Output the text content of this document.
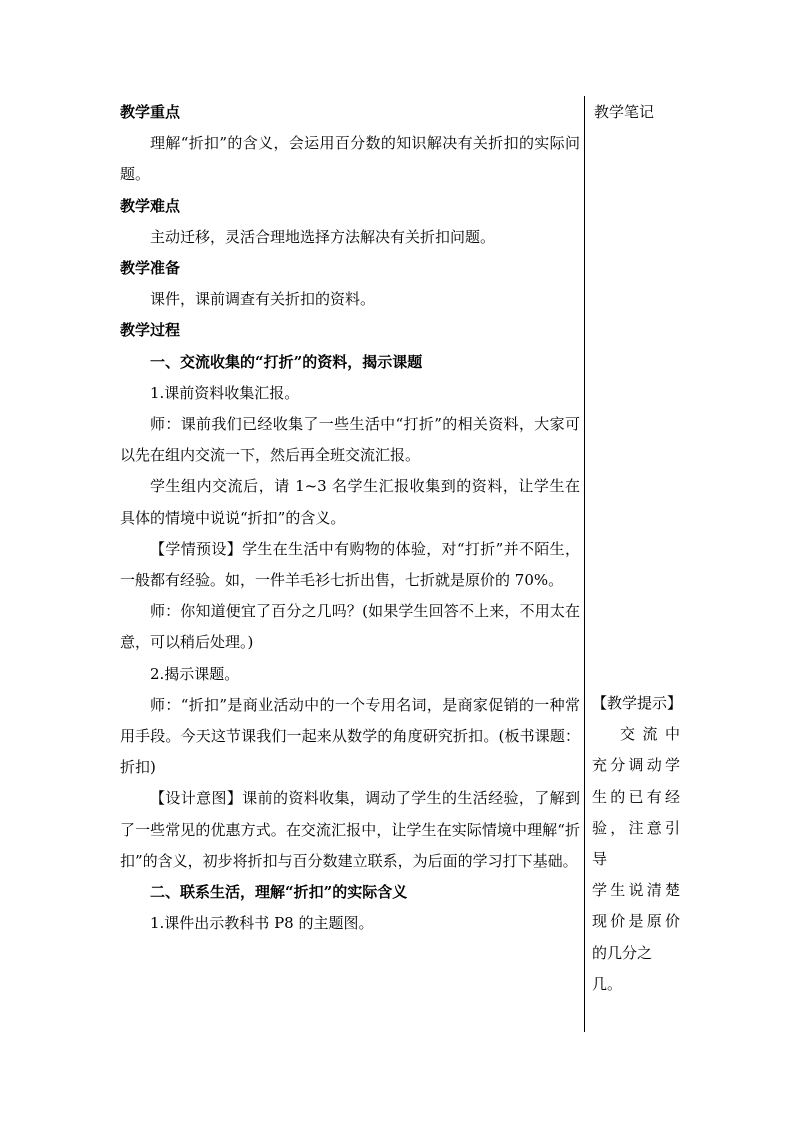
教学重点

理解“折扣”的含义，会运用百分数的知识解决有关折扣的实际问题。

教学难点

主动迁移，灵活合理地选择方法解决有关折扣问题。

教学准备

课件，课前调查有关折扣的资料。

教学过程

一、交流收集的“打折”的资料，揭示课题

1.课前资料收集汇报。

师：课前我们已经收集了一些生活中“打折”的相关资料，大家可以先在组内交流一下，然后再全班交流汇报。

学生组内交流后，请 1~3 名学生汇报收集到的资料，让学生在具体的情境中说说“折扣”的含义。

【学情预设】学生在生活中有购物的体验，对“打折”并不陌生，一般都有经验。如，一件羊毛衫七折出售，七折就是原价的 70%。

师：你知道便宜了百分之几吗？(如果学生回答不上来，不用太在意，可以稍后处理。)

2.揭示课题。

师：“折扣”是商业活动中的一个专用名词，是商家促销的一种常用手段。今天这节课我们一起来从数学的角度研究折扣。(板书课题：折扣)

【设计意图】课前的资料收集，调动了学生的生活经验，了解到了一些常见的优惠方式。在交流汇报中，让学生在实际情境中理解“折扣”的含义，初步将折扣与百分数建立联系，为后面的学习打下基础。

二、联系生活，理解“折扣”的实际含义

1.课件出示教科书 P8 的主题图。

教学笔记

【教学提示】

交流中

充分调动学

生的已有经

验，注意引导

学生说清楚

现价是原价

的几分之几。
